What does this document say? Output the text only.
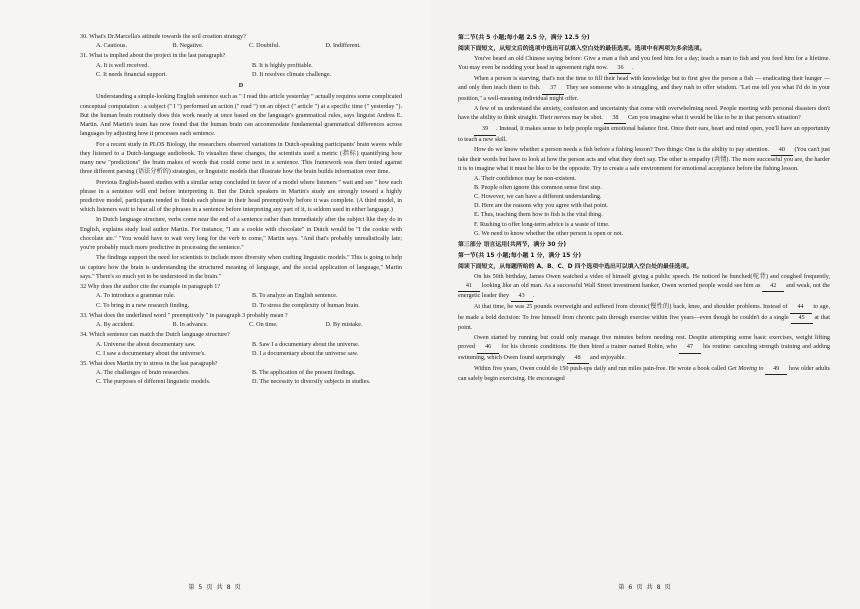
30. What's Dr.Marcella's attitude towards the soil creation strategy?
A. Cautious.	B. Negative.	C. Doubtful.	D. Indifferent.
31. What is implied about the project in the last paragraph?
A. It is well received.	B. It is highly profitable.
C. It needs financial support.	D. It resolves climate challenge.
D
Understanding a simple-looking English sentence such as " I read this article yesterday " actually requires some complicated conceptual computation : a subject (" I ") performed an action (" read ") on an object (" article ") at a specific time (" yesterday "). But the human brain routinely does this work nearly at once based on the language's grammatical rules, says linguist Andrea E. Martin. And Martin's team has now found that the human brain can accommodate fundamental grammatical differences across languages by adjusting how it processes each sentence.
For a recent study in PLOS Biology, the researchers observed variations in Dutch-speaking participants' brain waves while they listened to a Dutch-language audiobook. To visualize these changes, the scientists used a metric (指标) quantifying how many new "predictions" the brain makes of words that could come next in a sentence. This framework was then tested against three different parsing (语法分析的) strategies, or linguistic models that illustrate how the brain builds information over time.
Previous English-based studies with a similar setup concluded in favor of a model where listeners " wait and see " how each phrase in a sentence will end before interpreting it. But the Dutch speakers in Martin's study are strongly toward a highly predictive model, participants tended to finish each phrase in their head preemptively before it was complete. (A third model, in which listeners wait to hear all of the phrases in a sentence before interpreting any part of it, is seldom used in either language.)
In Dutch language structure, verbs come near the end of a sentence rather than immediately after the subject like they do in English, explains study lead author Martin. For instance, "I ate a cookie with chocolate" in Dutch would be "I the cookie with chocolate ate." "You would have to wait very long for the verb to come," Martin says. "And that's probably unrealistically late; you're probably much more predictive in processing the sentence."
The findings support the need for scientists to include more diversity when crafting linguistic models." This is going to help us capture how the brain is understanding the structured meaning of language, and the social application of language," Martin says." There's so much yet to be understood in the brain."
32 Why does the author cite the example in paragraph 1?
A. To introduce a grammar rule.	B. To analyze an English sentence.
C. To bring in a new research finding.	D. To stress the complexity of human brain.
33. What does the underlined word " preemptively " in paragraph 3 probably mean ?
A. By accident.	B. In advance.	C. On time.	D. By mistake.
34. Which sentence can match the Dutch language structure?
A. Universe the about documentary saw.	B. Saw I a documentary about the universe.
C. I saw a documentary about the universe's.	D. I a documentary about the universe saw.
35. What does Martin try to stress in the last paragraph?
A. The challenges of brain researches.	B. The application of the present findings.
C. The purposes of different linguistic models.	D. The necessity to diversify subjects in studies.
第 5 页 共 8 页
第二节(共 5 小题;每小题 2.5 分，满分 12.5 分)
阅读下面短文，从短文后的选项中选出可以填入空白处的最佳选项。选项中有两项为多余选项。
You've heard an old Chinese saying before: Give a man a fish and you feed him for a day; teach a man to fish and you feed him for a lifetime. You may even be nodding your head in agreement right now. 36 .
When a person is starving, that's not the time to fill their head with knowledge but to first give the person a fish — eradicating their hunger — and only then teach them to fish. 37 They see someone who is struggling, and they rush to offer wisdom. "Let me tell you what I'd do in your position," a well-meaning individual might offer.
A few of us understand the anxiety, confusion and uncertainty that come with overwhelming need. People meeting with personal disasters don't have the ability to think straight. Their nerves may be shot. 38 Can you imagine what it would be like to be in that person's situation?
39 . Instead, it makes sense to help people regain emotional balance first. Once their ears, heart and mind open, you'll have an opportunity to teach a new skill.
How do we know whether a person needs a fish before a fishing lesson? Two things: One is the ability to pay attention. 40 (You can't just take their words but have to look at how the person acts and what they don't say. The other is empathy (共情). The more successful you are, the harder it is to imagine what it must be like to be the opposite. Try to create a safe environment for emotional acceptance before the fishing lesson.
A. Their confidence may be non-existent.
B. People often ignore this common sense first step.
C. However, we can have a different understanding.
D. Here are the reasons why you agree with that point.
E. Thus, teaching them how to fish is the vital thing.
F. Rushing to offer long-term advice is a waste of time.
G. We need to know whether the other person is open or not.
第三部分 语言运用(共两节，满分 30 分)
第一节(共 15 小题;每小题 1 分，满分 15 分)
阅读下面短文，从每题所给的 A、B、C、D 四个选项中选出可以填入空白处的最佳选项。
On his 50th birthday, James Owen watched a video of himself giving a public speech. He noticed he hunched(驼背) and coughed frequently, 41 looking like an old man. As a successful Wall Street investment banker, Owen worried people would see him as 42 and weak, not the energetic leader they 43 .
At that time, he was 25 pounds overweight and suffered from chronic(慢性的) back, knee, and shoulder problems. Instead of 44 to age, he made a bold decision: To free himself from chronic pain through exercise within five years—even though he couldn't do a single 45 at that point.
Owen started by running but could only manage five minutes before needing rest. Despite attempting some basic exercises, weight lifting proved 46 for his chronic conditions. He then hired a trainer named Robin, who 47 his routine: canceling strength training and adding swimming, which Owen found surprisingly 48 and enjoyable.
Within five years, Owen could do 150 push-ups daily and run miles pain-free. He wrote a book called Get Moving to 49 how older adults can safely begin exercising. He encouraged
第 6 页 共 8 页
